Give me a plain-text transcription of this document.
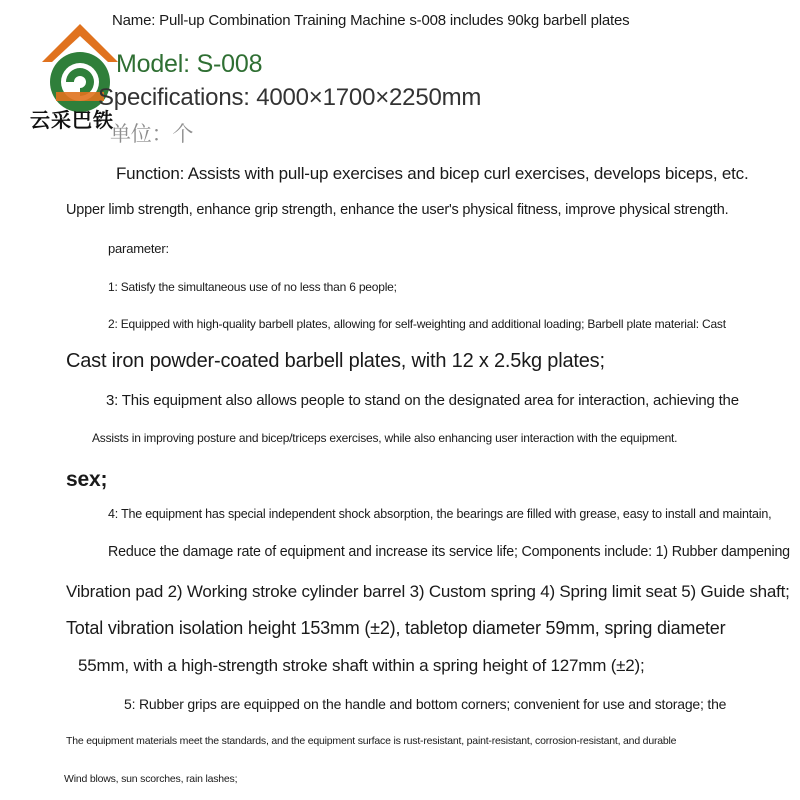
云采巴铁
Name: Pull-up Combination Training Machine s-008 includes 90kg barbell plates
Model: S-008
Specifications: 4000×1700×2250mm
单位：个
Function: Assists with pull-up exercises and bicep curl exercises, develops biceps, etc.
Upper limb strength, enhance grip strength, enhance the user's physical fitness, improve physical strength.
parameter:
1: Satisfy the simultaneous use of no less than 6 people;
2: Equipped with high-quality barbell plates, allowing for self-weighting and additional loading; Barbell plate material: Cast
Cast iron powder-coated barbell plates, with 12 x 2.5kg plates;
3: This equipment also allows people to stand on the designated area for interaction, achieving the
Assists in improving posture and bicep/triceps exercises, while also enhancing user interaction with the equipment.
sex;
4: The equipment has special independent shock absorption, the bearings are filled with grease, easy to install and maintain,
Reduce the damage rate of equipment and increase its service life; Components include: 1) Rubber dampening
Vibration pad 2) Working stroke cylinder barrel 3) Custom spring 4) Spring limit seat 5) Guide shaft;
Total vibration isolation height 153mm (±2), tabletop diameter 59mm, spring diameter
55mm, with a high-strength stroke shaft within a spring height of 127mm (±2);
5: Rubber grips are equipped on the handle and bottom corners; convenient for use and storage; the
The equipment materials meet the standards, and the equipment surface is rust-resistant, paint-resistant, corrosion-resistant, and durable
Wind blows, sun scorches, rain lashes;
